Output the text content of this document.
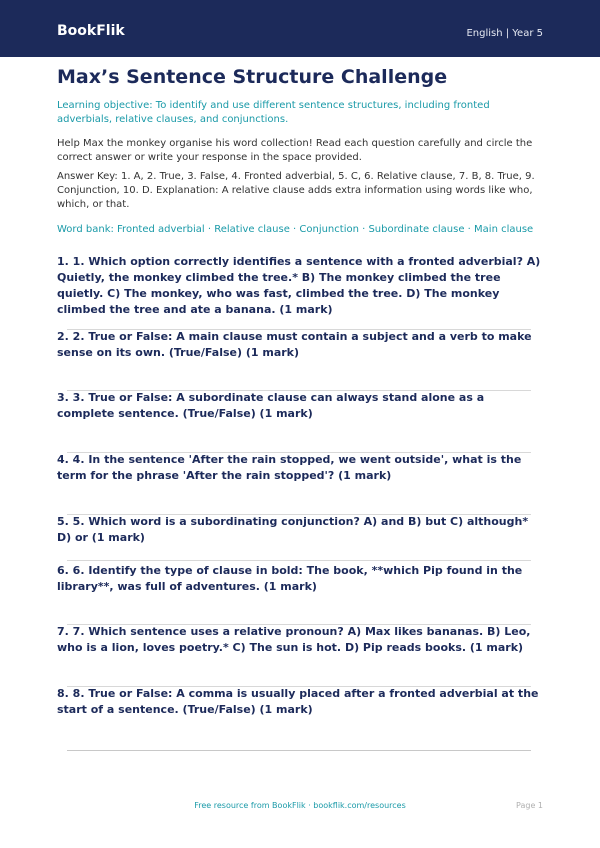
BookFlik	English | Year 5
Max’s Sentence Structure Challenge

Learning objective: To identify and use different sentence structures, including fronted adverbials, relative clauses, and conjunctions.

Help Max the monkey organise his word collection! Read each question carefully and circle the correct answer or write your response in the space provided.

Answer Key: 1. A, 2. True, 3. False, 4. Fronted adverbial, 5. C, 6. Relative clause, 7. B, 8. True, 9. Conjunction, 10. D. Explanation: A relative clause adds extra information using words like who, which, or that.

Word bank: Fronted adverbial · Relative clause · Conjunction · Subordinate clause · Main clause

1. 1. Which option correctly identifies a sentence with a fronted adverbial? A) Quietly, the monkey climbed the tree.* B) The monkey climbed the tree quietly. C) The monkey, who was fast, climbed the tree. D) The monkey climbed the tree and ate a banana. (1 mark)

2. 2. True or False: A main clause must contain a subject and a verb to make sense on its own. (True/False) (1 mark)

3. 3. True or False: A subordinate clause can always stand alone as a complete sentence. (True/False) (1 mark)

4. 4. In the sentence 'After the rain stopped, we went outside', what is the term for the phrase 'After the rain stopped'? (1 mark)

5. 5. Which word is a subordinating conjunction? A) and B) but C) although* D) or (1 mark)

6. 6. Identify the type of clause in bold: The book, **which Pip found in the library**, was full of adventures. (1 mark)

7. 7. Which sentence uses a relative pronoun? A) Max likes bananas. B) Leo, who is a lion, loves poetry.* C) The sun is hot. D) Pip reads books. (1 mark)

8. 8. True or False: A comma is usually placed after a fronted adverbial at the start of a sentence. (True/False) (1 mark)

Free resource from BookFlik · bookflik.com/resources	Page 1
